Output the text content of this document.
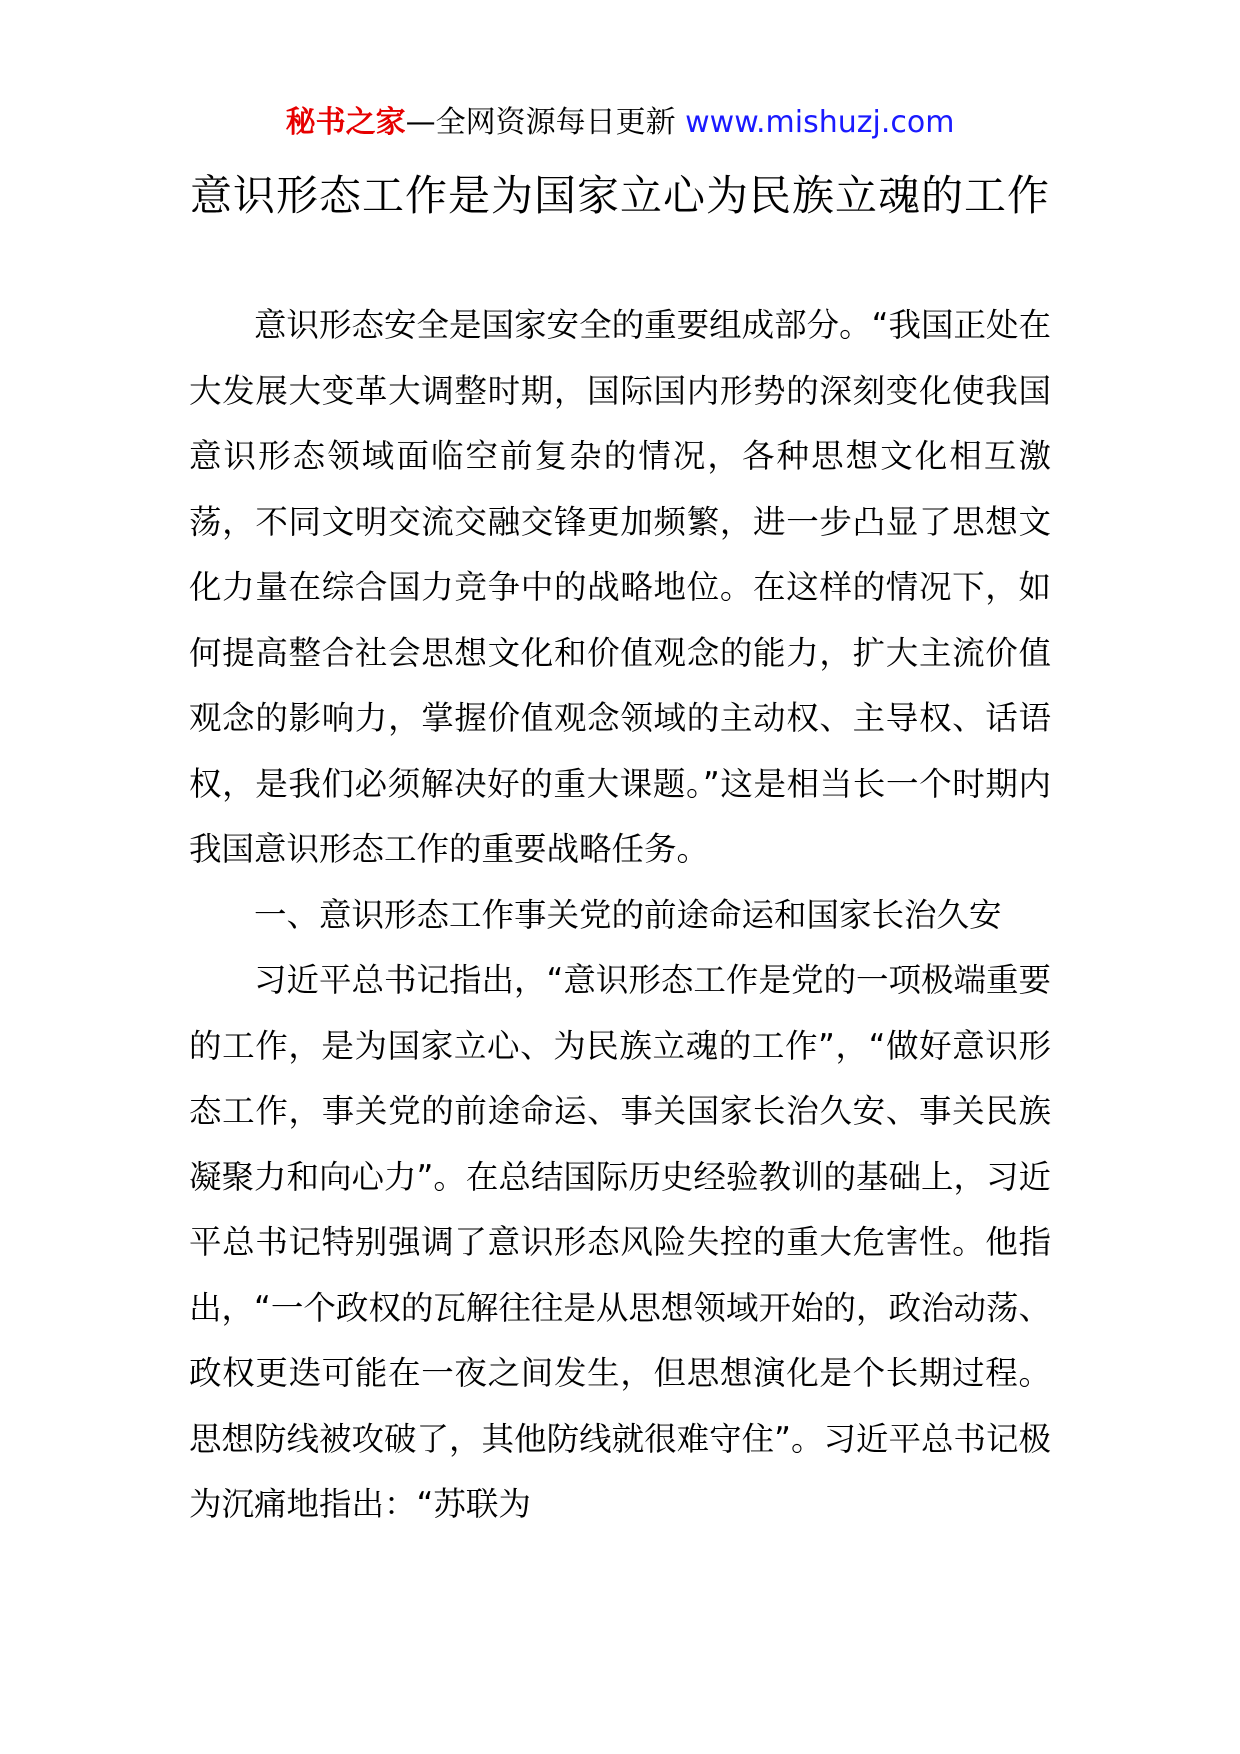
秘书之家—全网资源每日更新 www.mishuzj.com
意识形态工作是为国家立心为民族立魂的工作

意识形态安全是国家安全的重要组成部分。“我国正处在大发展大变革大调整时期，国际国内形势的深刻变化使我国意识形态领域面临空前复杂的情况，各种思想文化相互激荡，不同文明交流交融交锋更加频繁，进一步凸显了思想文化力量在综合国力竞争中的战略地位。在这样的情况下，如何提高整合社会思想文化和价值观念的能力，扩大主流价值观念的影响力，掌握价值观念领域的主动权、主导权、话语权，是我们必须解决好的重大课题。”这是相当长一个时期内我国意识形态工作的重要战略任务。

一、意识形态工作事关党的前途命运和国家长治久安

习近平总书记指出，“意识形态工作是党的一项极端重要的工作，是为国家立心、为民族立魂的工作”，“做好意识形态工作，事关党的前途命运、事关国家长治久安、事关民族凝聚力和向心力”。在总结国际历史经验教训的基础上，习近平总书记特别强调了意识形态风险失控的重大危害性。他指出，“一个政权的瓦解往往是从思想领域开始的，政治动荡、政权更迭可能在一夜之间发生，但思想演化是个长期过程。思想防线被攻破了，其他防线就很难守住”。习近平总书记极为沉痛地指出：“苏联为
